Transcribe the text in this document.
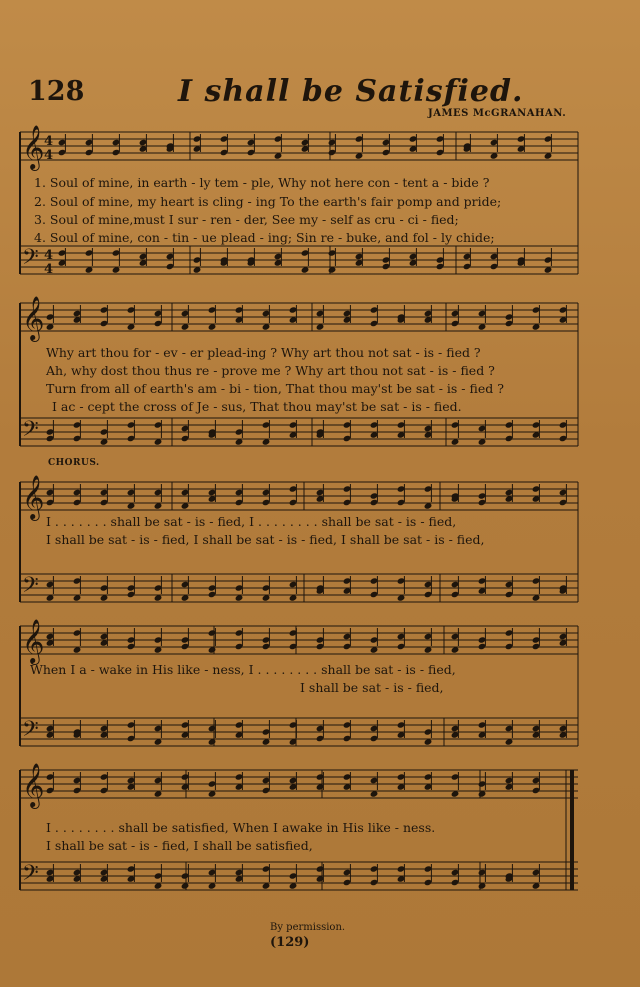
𝄞
𝄢
𝄞
𝄢
𝄞
𝄢
𝄞
𝄢
𝄞
𝄢
4
4
4
4
128	I shall be Satisfied.
JAMES McGRANAHAN.
1. Soul of mine, in earth - ly tem - ple, Why not here con - tent a - bide ?
2. Soul of mine, my heart is cling - ing To the earth's fair pomp and pride;
3. Soul of mine,must I sur - ren - der, See my - self as cru - ci - fied;
4. Soul of mine, con - tin - ue plead - ing; Sin re - buke, and fol - ly chide;
Why art thou for - ev - er plead-ing ? Why art thou not sat - is - fied ?
Ah, why dost thou thus re - prove me ? Why art thou not sat - is - fied ?
Turn from all of earth's am - bi - tion, That thou may'st be sat - is - fied ?
I ac - cept the cross of Je - sus, That thou may'st be sat - is - fied.
CHORUS.
I . . . . . . . shall be sat - is - fied, I . . . . . . . . shall be sat - is - fied,
I shall be sat - is - fied, I shall be sat - is - fied, I shall be sat - is - fied,
When I a - wake in His like - ness, I . . . . . . . . shall be sat - is - fied,
I shall be sat - is - fied,
I . . . . . . . . shall be satisfied, When I awake in His like - ness.
I shall be sat - is - fied, I shall be satisfied,
By permission.
(129)
